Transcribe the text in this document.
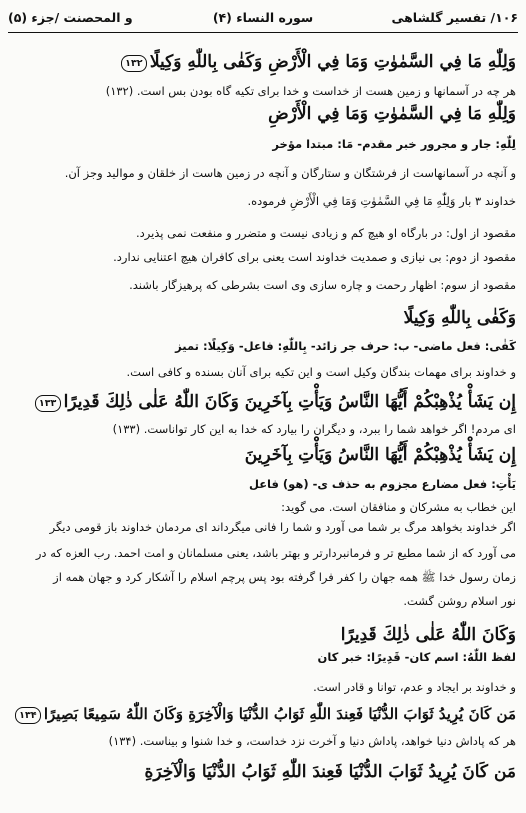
۱۰۶/ تفسیر گلشاهی
سوره النساء (۴)
و المحصنت /جزء (۵)
وَلِلّٰهِ مَا فِي السَّمٰوٰتِ وَمَا فِي الْأَرْضِ وَكَفٰى بِاللّٰهِ وَكِيلًا۱۳۲
هر چه در آسمانها و زمین هست از خداست و خدا برای تکیه گاه بودن بس است. (۱۳۲)
وَلِلّٰهِ مَا فِي السَّمٰوٰتِ وَمَا فِي الْأَرْضِ
لِلّٰهِ: جار و مجرور خبر مقدم- مَا: مبتدا مؤخر
و آنچه در آسمانهاست از فرشتگان و ستارگان و آنچه در زمین هاست از خلقان و موالید وجز آن.
خداوند ۳ بار وَلِلّٰهِ مَا فِي السَّمٰوٰتِ وَمَا فِي الْأَرْضِ فرموده.
مقصود از اول: در بارگاه او هیچ کم و زیادی نیست و متضرر و منفعت نمی پذیرد.
مقصود از دوم: بی نیازی و صمدیت خداوند است یعنی برای کافران هیچ اعتنایی ندارد.
مقصود از سوم: اظهار رحمت و چاره سازی وی است بشرطی که پرهیزگار باشند.
وَكَفٰى بِاللّٰهِ وَكِيلًا
كَفٰى: فعل ماضی- ب: حرف جر زائد- بِاللّٰهِ: فاعل- وَكِيلًا: تمیز
و خداوند برای مهمات بندگان وکیل است و این تکیه برای آنان بسنده و کافی است.
إِن يَشَأْ يُذْهِبْكُمْ أَيُّهَا النَّاسُ وَيَأْتِ بِآخَرِينَ وَكَانَ اللّٰهُ عَلٰى ذٰلِكَ قَدِيرًا۱۳۳
ای مردم! اگر خواهد شما را ببرد، و دیگران را بیارد که خدا به این کار تواناست. (۱۳۳)
إِن يَشَأْ يُذْهِبْكُمْ أَيُّهَا النَّاسُ وَيَأْتِ بِآخَرِينَ
يَأْتِ: فعل مضارع مجزوم به حذف ی- (هو) فاعل
این خطاب به مشرکان و منافقان است. می گوید:
اگر خداوند بخواهد مرگ بر شما می آورد و شما را فانی میگرداند ای مردمان خداوند باز قومی دیگر
می آورد که از شما مطیع تر و فرمانبردارتر و بهتر باشد، یعنی مسلمانان و امت احمد. رب العزه که در
زمان رسول خدا ﷺ همه جهان را کفر فرا گرفته بود پس پرچم اسلام را آشکار کرد و جهان همه از
نور اسلام روشن گشت.
وَكَانَ اللّٰهُ عَلٰى ذٰلِكَ قَدِيرًا
لفظ اللّٰهُ: اسم کان- قَدِيرًا: خبر کان
و خداوند بر ایجاد و عدم، توانا و قادر است.
مَن كَانَ يُرِيدُ ثَوَابَ الدُّنْيَا فَعِندَ اللّٰهِ ثَوَابُ الدُّنْيَا وَالْآخِرَةِ وَكَانَ اللّٰهُ سَمِيعًا بَصِيرًا۱۳۴
هر که پاداش دنیا خواهد، پاداش دنیا و آخرت نزد خداست، و خدا شنوا و بیناست. (۱۳۴)
مَن كَانَ يُرِيدُ ثَوَابَ الدُّنْيَا فَعِندَ اللّٰهِ ثَوَابُ الدُّنْيَا وَالْآخِرَةِ
